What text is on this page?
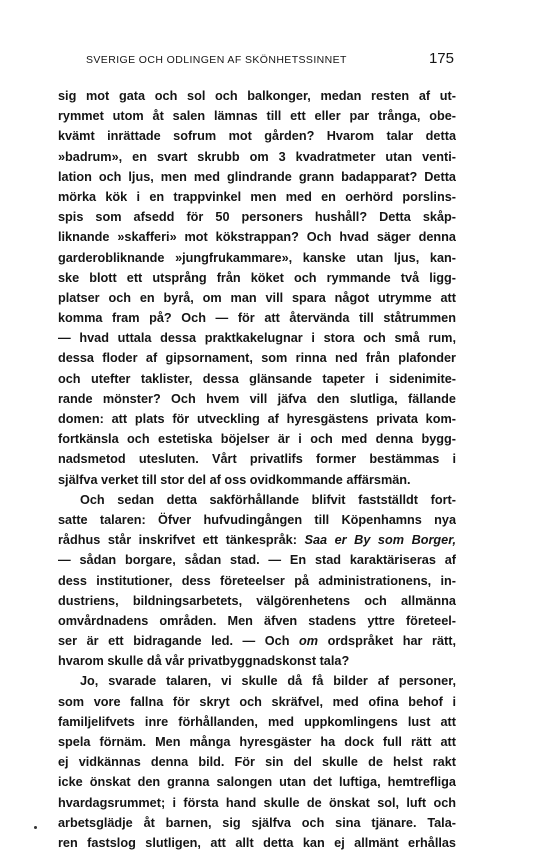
SVERIGE OCH ODLINGEN AF SKÖNHETSSINNET	175
sig mot gata och sol och balkonger, medan resten af ut-
rymmet utom åt salen lämnas till ett eller par trånga, obe-
kvämt inrättade sofrum mot gården? Hvarom talar detta
»badrum», en svart skrubb om 3 kvadratmeter utan venti-
lation och ljus, men med glindrande grann badapparat? Detta
mörka kök i en trappvinkel men med en oerhörd porslins-
spis som afsedd för 50 personers hushåll? Detta skåp-
liknande »skafferi» mot kökstrappan? Och hvad säger denna
garderobliknande »jungfrukammare», kanske utan ljus, kan-
ske blott ett utsprång från köket och rymmande två ligg-
platser och en byrå, om man vill spara något utrymme att
komma fram på? Och — för att återvända till ståtrummen
— hvad uttala dessa praktkakelugnar i stora och små rum,
dessa floder af gipsornament, som rinna ned från plafonder
och utefter taklister, dessa glänsande tapeter i sidenimite-
rande mönster? Och hvem vill jäfva den slutliga, fällande
domen: att plats för utveckling af hyresgästens privata kom-
fortkänsla och estetiska böjelser är i och med denna bygg-
nadsmetod utesluten. Vårt privatlifs former bestämmas i
själfva verket till stor del af oss ovidkommande affärsmän.
Och sedan detta sakförhållande blifvit fastställdt fort-
satte talaren: Öfver hufvudingången till Köpenhamns nya
rådhus står inskrifvet ett tänkespråk: Saa er By som Borger,
— sådan borgare, sådan stad. — En stad karaktäriseras af
dess institutioner, dess företeelser på administrationens, in-
dustriens, bildningsarbetets, välgörenhetens och allmänna
omvårdnadens områden. Men äfven stadens yttre företeel-
ser är ett bidragande led. — Och om ordspråket har rätt,
hvarom skulle då vår privatbyggnadskonst tala?
Jo, svarade talaren, vi skulle då få bilder af personer,
som vore fallna för skryt och skräfvel, med ofina behof i
familjelifvets inre förhållanden, med uppkomlingens lust att
spela förnäm. Men många hyresgäster ha dock full rätt att
ej vidkännas denna bild. För sin del skulle de helst rakt
icke önskat den granna salongen utan det luftiga, hemtrefliga
hvardagsrummet; i första hand skulle de önskat sol, luft och
arbetsglädje åt barnen, sig själfva och sina tjänare. Tala-
ren fastslog slutligen, att allt detta kan ej allmänt erhållas
